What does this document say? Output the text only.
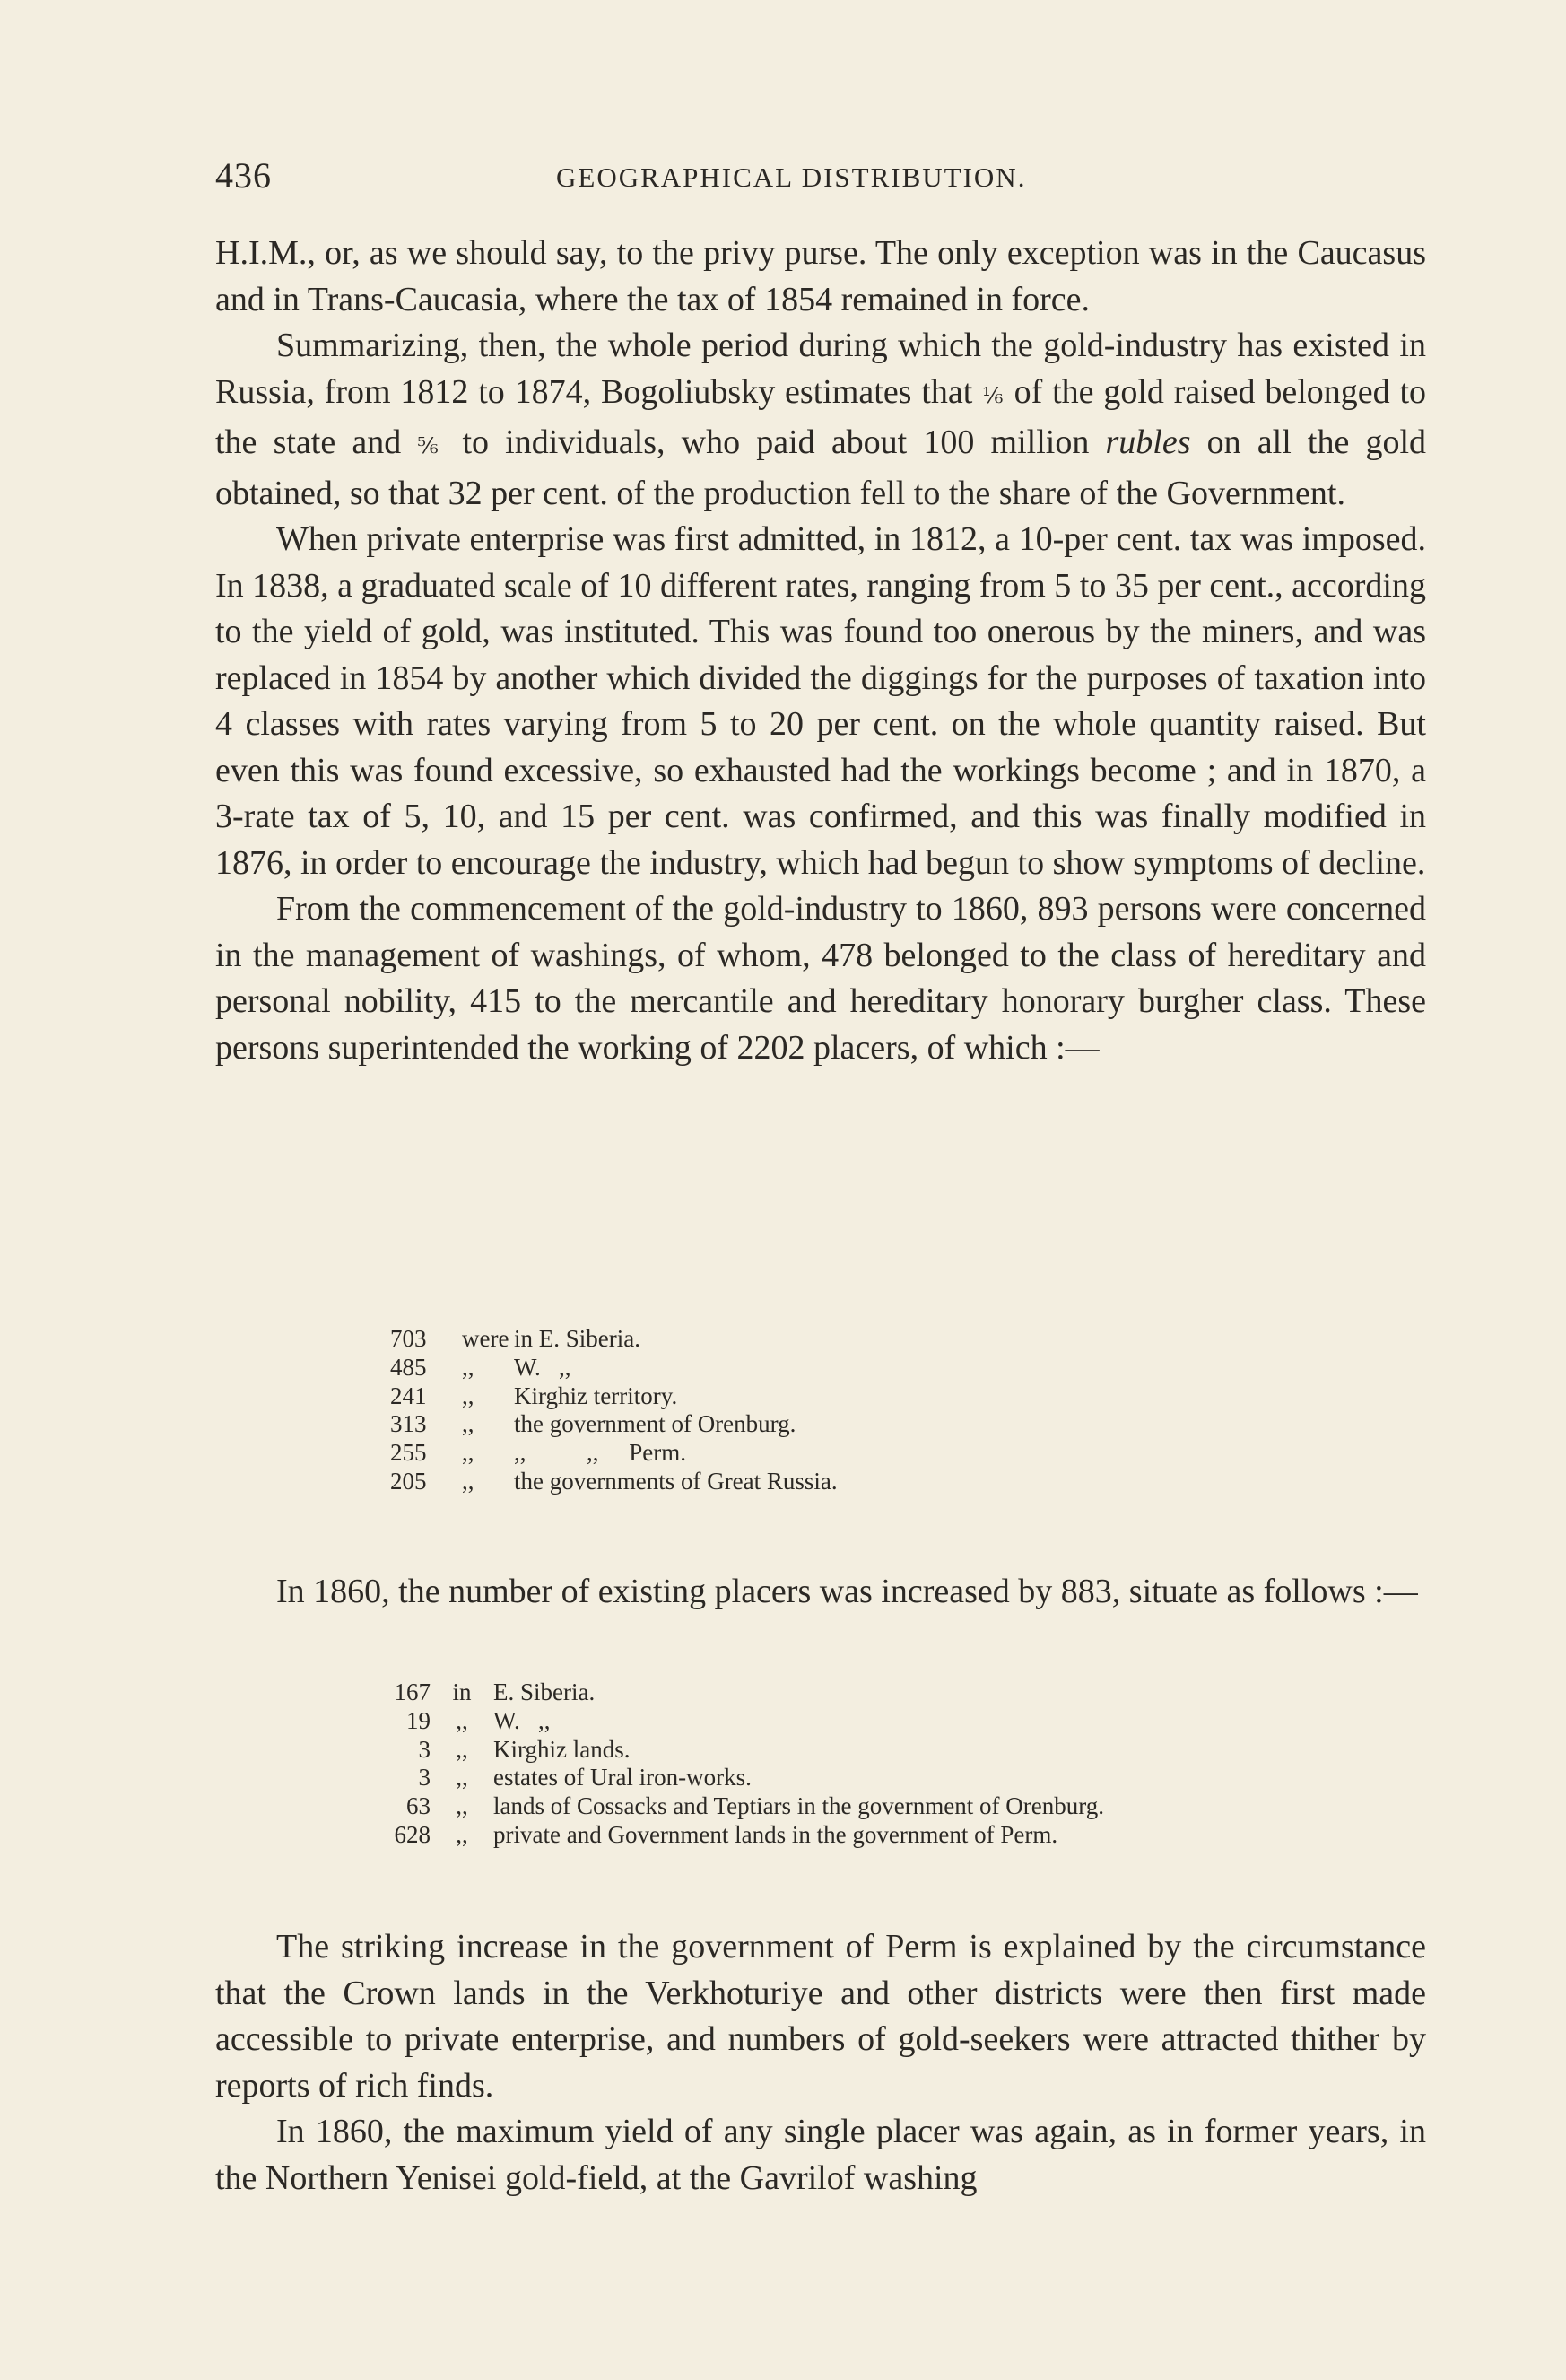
436	GEOGRAPHICAL DISTRIBUTION.

H.I.M., or, as we should say, to the privy purse. The only exception was in the Caucasus and in Trans-Caucasia, where the tax of 1854 remained in force.

Summarizing, then, the whole period during which the gold-industry has existed in Russia, from 1812 to 1874, Bogoliubsky estimates that ⅙ of the gold raised belonged to the state and ⅚ to individuals, who paid about 100 million rubles on all the gold obtained, so that 32 per cent. of the production fell to the share of the Government.

When private enterprise was first admitted, in 1812, a 10-per cent. tax was imposed. In 1838, a graduated scale of 10 different rates, ranging from 5 to 35 per cent., according to the yield of gold, was instituted. This was found too onerous by the miners, and was replaced in 1854 by another which divided the diggings for the purposes of taxation into 4 classes with rates varying from 5 to 20 per cent. on the whole quantity raised. But even this was found excessive, so exhausted had the workings become ; and in 1870, a 3-rate tax of 5, 10, and 15 per cent. was confirmed, and this was finally modified in 1876, in order to encourage the industry, which had begun to show symptoms of decline.

From the commencement of the gold-industry to 1860, 893 persons were concerned in the management of washings, of whom, 478 belonged to the class of hereditary and personal nobility, 415 to the mercantile and hereditary honorary burgher class. These persons superintended the working of 2202 placers, of which :—

703	were in E. Siberia.
485	,,	W.   ,,
241	,,	Kirghiz territory.
313	,,	the government of Orenburg.
255	,,	,,          ,,     Perm.
205	,,	the governments of Great Russia.

In 1860, the number of existing placers was increased by 883, situate as follows :—

167 in E. Siberia.
19	,,	W.   ,,
3	,,	Kirghiz lands.
3	,,	estates of Ural iron-works.
63	,,	lands of Cossacks and Teptiars in the government of Orenburg.
628	,,	private and Government lands in the government of Perm.

The striking increase in the government of Perm is explained by the circumstance that the Crown lands in the Verkhoturiye and other districts were then first made accessible to private enterprise, and numbers of gold-seekers were attracted thither by reports of rich finds.

In 1860, the maximum yield of any single placer was again, as in former years, in the Northern Yenisei gold-field, at the Gavrilof washing
